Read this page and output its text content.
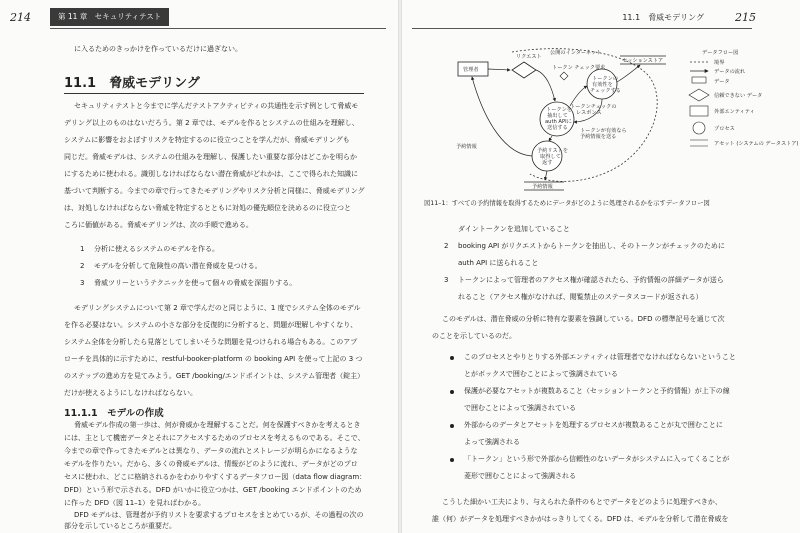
214	第 11 章　セキュリティテスト
に入るためのきっかけを作っているだけに過ぎない。
11.1　脅威モデリング
セキュリティテストと今までに学んだテストアクティビティの共通性を示す例として脅威モ
デリング以上のものはないだろう。第 2 章では、モデルを作るとシステムの仕組みを理解し、
システムに影響をおよぼすリスクを特定するのに役立つことを学んだが、脅威モデリングも
同じだ。脅威モデルは、システムの仕組みを理解し、保護したい重要な部分はどこかを明らか
にするために使われる。識別しなければならない潜在脅威がどれかは、ここで得られた知識に
基づいて判断する。今までの章で行ってきたモデリングやリスク分析と同様に、脅威モデリング
は、対処しなければならない脅威を特定するとともに対処の優先順位を決めるのに役立つと
ころに価値がある。脅威モデリングは、次の手順で進める。
1 分析に使えるシステムのモデルを作る。
2 モデルを分析して危険性の高い潜在脅威を見つける。
3 脅威ツリーというテクニックを使って個々の脅威を深掘りする。
モデリングシステムについて第 2 章で学んだのと同じように、1 度でシステム全体のモデル
を作る必要はない。システムの小さな部分を反復的に分析すると、問題が理解しやすくなり、
システム全体を分析したら見落としてしまいそうな問題を見つけられる場合もある。このアプ
ローチを具体的に示すために、restful-booker-platform の booking API を使って上記の 3 つ
のステップの進め方を見てみよう。GET /booking/エンドポイントは、システム管理者（錠主）
だけが使えるようにしなければならない。
11.1.1　モデルの作成
脅威モデル作成の第一歩は、何が脅威かを理解することだ。何を保護すべきかを考えるとき
には、主として機密データとそれにアクセスするためのプロセスを考えるものである。そこで、
今までの章で作ってきたモデルとは異なり、データの流れとストレージが明らかになるような
モデルを作りたい。だから、多くの脅威モデルは、情報がどのように流れ、データがどのプロ
セスに使われ、どこに格納されるかをわかりやすくするデータフロー図（data flow diagram：
DFD）という形で示される。DFD がいかに役立つかは、GET /booking エンドポイントのため
に作った DFD（図 11–1）を見ればわかる。
DFD モデルは、管理者が予約リストを要求するプロセスをまとめているが、その過程の次の
部分を示しているところが重要だ。
11.1　脅威モデリング	215
公開のインターネット
管理者
リクエスト
セッションストア
トークンの
有効性を
チェックする
トークン チェック要求
トークンを
抽出して
auth APIに
送信する
トークンチェックの
レスポンス
トークンが有効なら
予約情報を送る
予約リストを
取得して
返す
予約情報
予約情報
データフロー図
境界
データの流れ
データ
信頼できない データ
外部エンティティ
プロセス
アセット (システムの データストア)
図11–1：すべての予約情報を取得するためにデータがどのように処理されるかを示すデータフロー図
ダイントークンを追加していること
2 booking API がリクエストからトークンを抽出し、そのトークンがチェックのために
auth API に送られること
3 トークンによって管理者のアクセス権が確認されたら、予約情報の詳細データが送ら
れること（アクセス権がなければ、閲覧禁止のステータスコードが返される）
このモデルは、潜在脅威の分析に特有な要素を強調している。DFD の標準記号を通じて次
のことを示しているのだ。
このプロセスとやりとりする外部エンティティは管理者でなければならないということ
とがボックスで囲むことによって強調されている
保護が必要なアセットが複数あること（セッショントークンと予約情報）が上下の線
で囲むことによって強調されている
外部からのデータとアセットを処理するプロセスが複数あることが丸で囲むことに
よって強調される
「トークン」という形で外部から信頼性のないデータがシステムに入ってくることが
菱形で囲むことによって強調される
こうした細かい工夫により、与えられた条件のもとでデータをどのように処理すべきか、
誰（何）がデータを処理すべきかがはっきりしてくる。DFD は、モデルを分析して潜在脅威を
